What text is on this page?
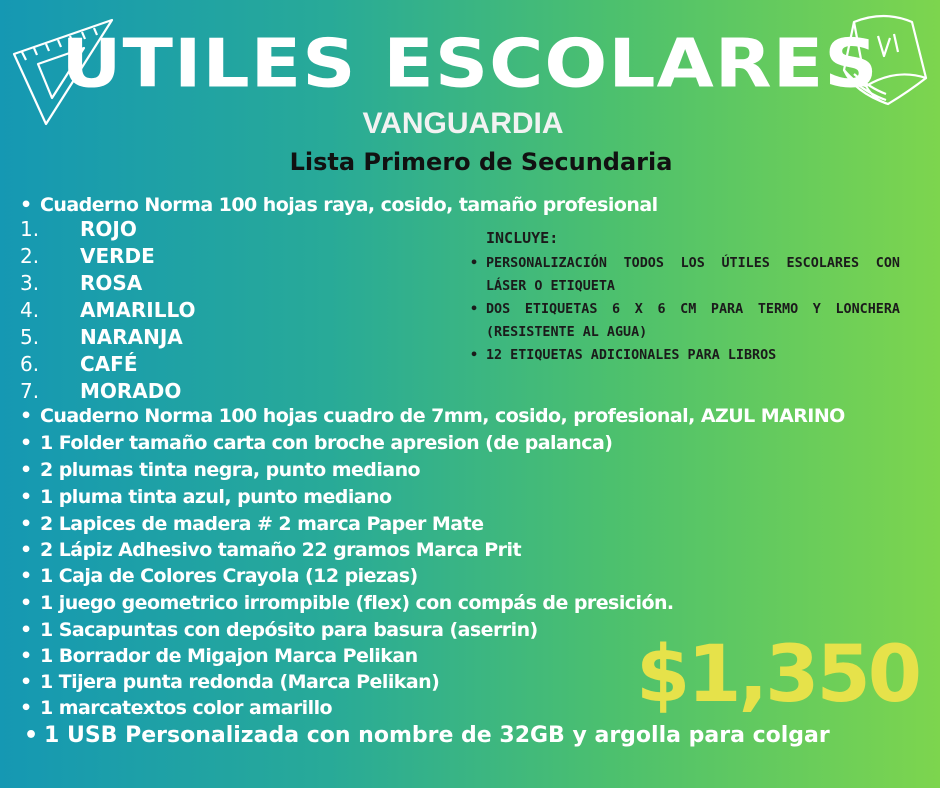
UTILES ESCOLARES
VANGUARDIA
Lista Primero de Secundaria
• Cuaderno Norma 100 hojas raya, cosido, tamaño profesional
1. ROJO
2. VERDE
3. ROSA
4. AMARILLO
5. NARANJA
6. CAFÉ
7. MORADO
• Cuaderno Norma 100 hojas cuadro de 7mm, cosido, profesional, AZUL MARINO
• 1 Folder tamaño carta con broche apresion (de palanca)
• 2 plumas tinta negra, punto mediano
• 1 pluma tinta azul, punto mediano
• 2 Lapices de madera # 2 marca Paper Mate
• 2 Lápiz Adhesivo tamaño 22 gramos Marca Prit
• 1 Caja de Colores Crayola (12 piezas)
• 1 juego geometrico irrompible (flex) con compás de presición.
• 1 Sacapuntas con depósito para basura (aserrin)
• 1 Borrador de Migajon Marca Pelikan
• 1 Tijera punta redonda (Marca Pelikan)
• 1 marcatextos color amarillo
• 1 USB Personalizada con nombre de 32GB y argolla para colgar
INCLUYE:
• PERSONALIZACIÓN TODOS LOS ÚTILES ESCOLARES CON LÁSER O ETIQUETA
• DOS ETIQUETAS 6 X 6 CM PARA TERMO Y LONCHERA (RESISTENTE AL AGUA)
• 12 ETIQUETAS ADICIONALES PARA LIBROS
$1,350
